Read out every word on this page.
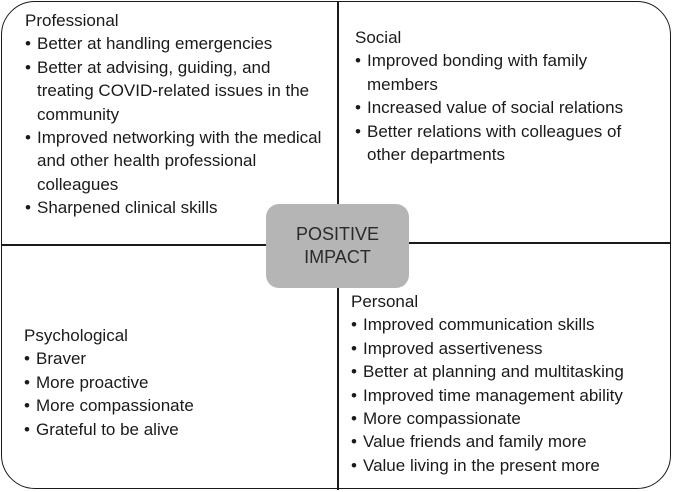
Professional
• Better at handling emergencies
• Better at advising, guiding, and treating COVID-related issues in the community
• Improved networking with the medical and other health professional colleagues
• Sharpened clinical skills
Social
• Improved bonding with family members
• Increased value of social relations
• Better relations with colleagues of other departments
Psychological
• Braver
• More proactive
• More compassionate
• Grateful to be alive
Personal
• Improved communication skills
• Improved assertiveness
• Better at planning and multitasking
• Improved time management ability
• More compassionate
• Value friends and family more
• Value living in the present more
POSITIVE
IMPACT
